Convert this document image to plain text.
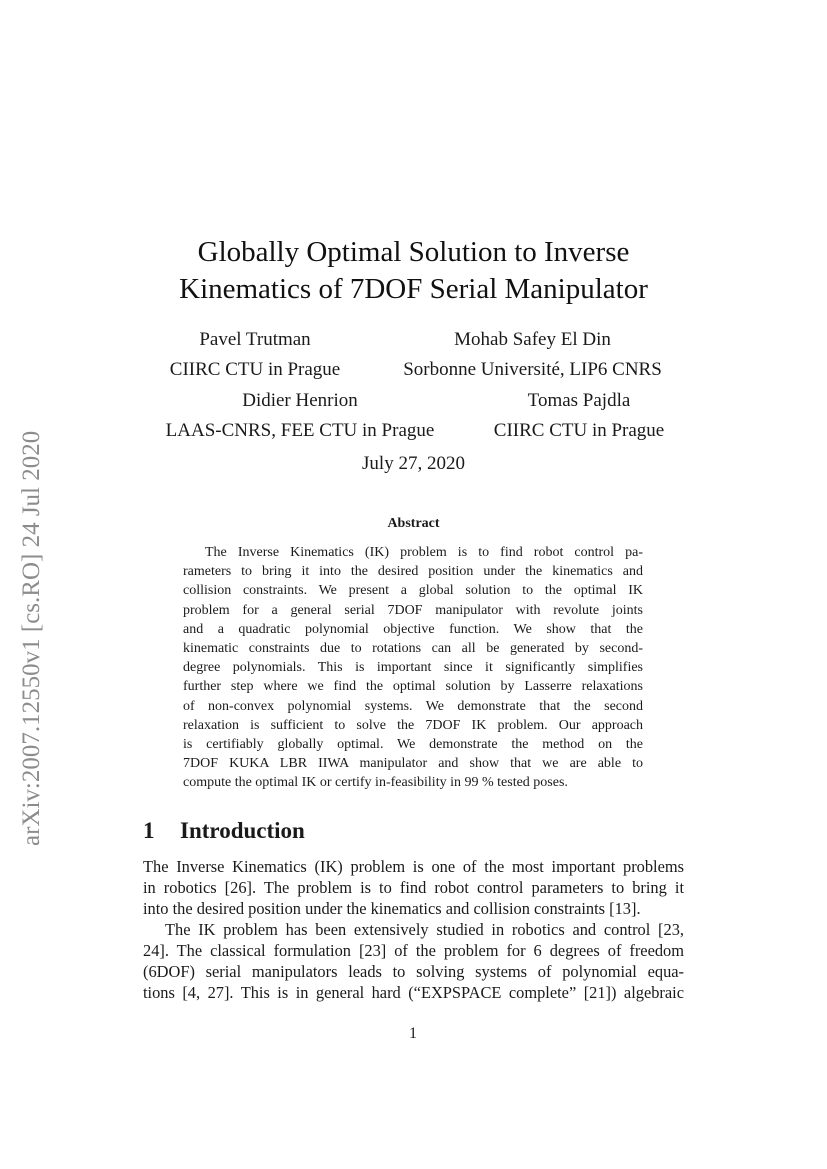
arXiv:2007.12550v1 [cs.RO] 24 Jul 2020
Globally Optimal Solution to Inverse
Kinematics of 7DOF Serial Manipulator
Pavel Trutman
CIIRC CTU in Prague
Mohab Safey El Din
Sorbonne Université, LIP6 CNRS
Didier Henrion
LAAS-CNRS, FEE CTU in Prague
Tomas Pajdla
CIIRC CTU in Prague
July 27, 2020
Abstract
The Inverse Kinematics (IK) problem is to find robot control pa-
rameters to bring it into the desired position under the kinematics and
collision constraints. We present a global solution to the optimal IK
problem for a general serial 7DOF manipulator with revolute joints
and a quadratic polynomial objective function. We show that the
kinematic constraints due to rotations can all be generated by second-
degree polynomials. This is important since it significantly simplifies
further step where we find the optimal solution by Lasserre relaxations
of non-convex polynomial systems. We demonstrate that the second
relaxation is sufficient to solve the 7DOF IK problem. Our approach
is certifiably globally optimal. We demonstrate the method on the
7DOF KUKA LBR IIWA manipulator and show that we are able to
compute the optimal IK or certify in-feasibility in 99 % tested poses.
1 Introduction
The Inverse Kinematics (IK) problem is one of the most important problems
in robotics [26]. The problem is to find robot control parameters to bring it
into the desired position under the kinematics and collision constraints [13].
The IK problem has been extensively studied in robotics and control [23,
24]. The classical formulation [23] of the problem for 6 degrees of freedom
(6DOF) serial manipulators leads to solving systems of polynomial equa-
tions [4, 27]. This is in general hard (“EXPSPACE complete” [21]) algebraic
1
